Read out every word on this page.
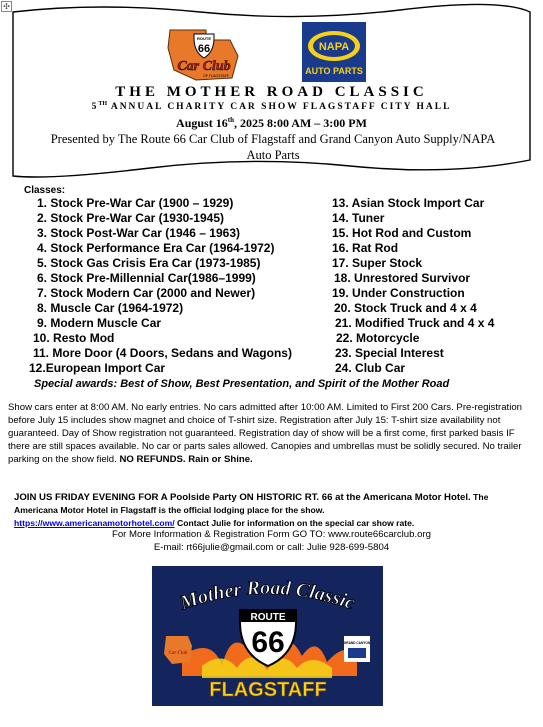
✣
ROUTE
66
Car Club
OF FLAGSTAFF
NAPA
AUTO PARTS
THE MOTHER ROAD CLASSIC
5TH ANNUAL CHARITY CAR SHOW FLAGSTAFF CITY HALL
August 16th, 2025 8:00 AM – 3:00 PM
Presented by The Route 66 Car Club of Flagstaff and Grand Canyon Auto Supply/NAPA Auto Parts
Classes:
1. Stock Pre-War Car (1900 – 1929)
2. Stock Pre-War Car (1930-1945)
3. Stock Post-War Car (1946 – 1963)
4. Stock Performance Era Car (1964-1972)
5. Stock Gas Crisis Era Car (1973-1985)
6. Stock Pre-Millennial Car(1986–1999)
7. Stock Modern Car (2000 and Newer)
8. Muscle Car (1964-1972)
9. Modern Muscle Car
10. Resto Mod
11. More Door (4 Doors, Sedans and Wagons)
12.European Import Car
13. Asian Stock Import Car
14. Tuner
15. Hot Rod and Custom
16. Rat Rod
17. Super Stock
18. Unrestored Survivor
19. Under Construction
20. Stock Truck and 4 x 4
21. Modified Truck and 4 x 4
22. Motorcycle
23. Special Interest
24. Club Car
Special awards: Best of Show, Best Presentation, and Spirit of the Mother Road
Show cars enter at 8:00 AM. No early entries. No cars admitted after 10:00 AM. Limited to First 200 Cars. Pre-registration before July 15 includes show magnet and choice of T-shirt size. Registration after July 15: T-shirt size availability not guaranteed. Day of Show registration not guaranteed. Registration day of show will be a first come, first parked basis IF there are still spaces available. No car or parts sales allowed. Canopies and umbrellas must be solidly secured. No trailer parking on the show field. NO REFUNDS. Rain or Shine.
JOIN US FRIDAY EVENING FOR A Poolside Party ON HISTORIC RT. 66 at the Americana Motor Hotel. The Americana Motor Hotel in Flagstaff is the official lodging place for the show.
https://www.americanamotorhotel.com/ Contact Julie for information on the special car show rate.
For More Information & Registration Form GO TO: www.route66carclub.org
E-mail: rt66julie@gmail.com or call: Julie 928-699-5804
Mother Road Classic
ROUTE
66
FLAGSTAFF
Car Club
GRAND CANYON
